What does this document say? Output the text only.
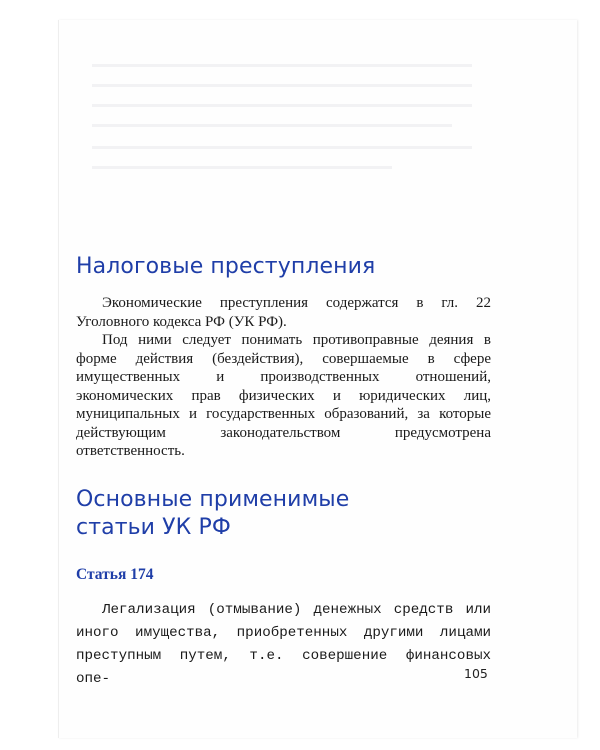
Налоговые преступления

Экономические преступления содержатся в гл. 22 Уголовного кодекса РФ (УК РФ).

Под ними следует понимать противоправные деяния в форме действия (бездействия), совершаемые в сфере имущественных и производственных отношений, экономических прав физических и юридических лиц, муниципальных и государственных образований, за которые действующим законодательством предусмотрена ответственность.

Основные применимые
статьи УК РФ

Статья 174

Легализация (отмывание) денежных средств или иного имущества, приобретенных другими лицами преступным путем, т.е. совершение финансовых опе-	105
